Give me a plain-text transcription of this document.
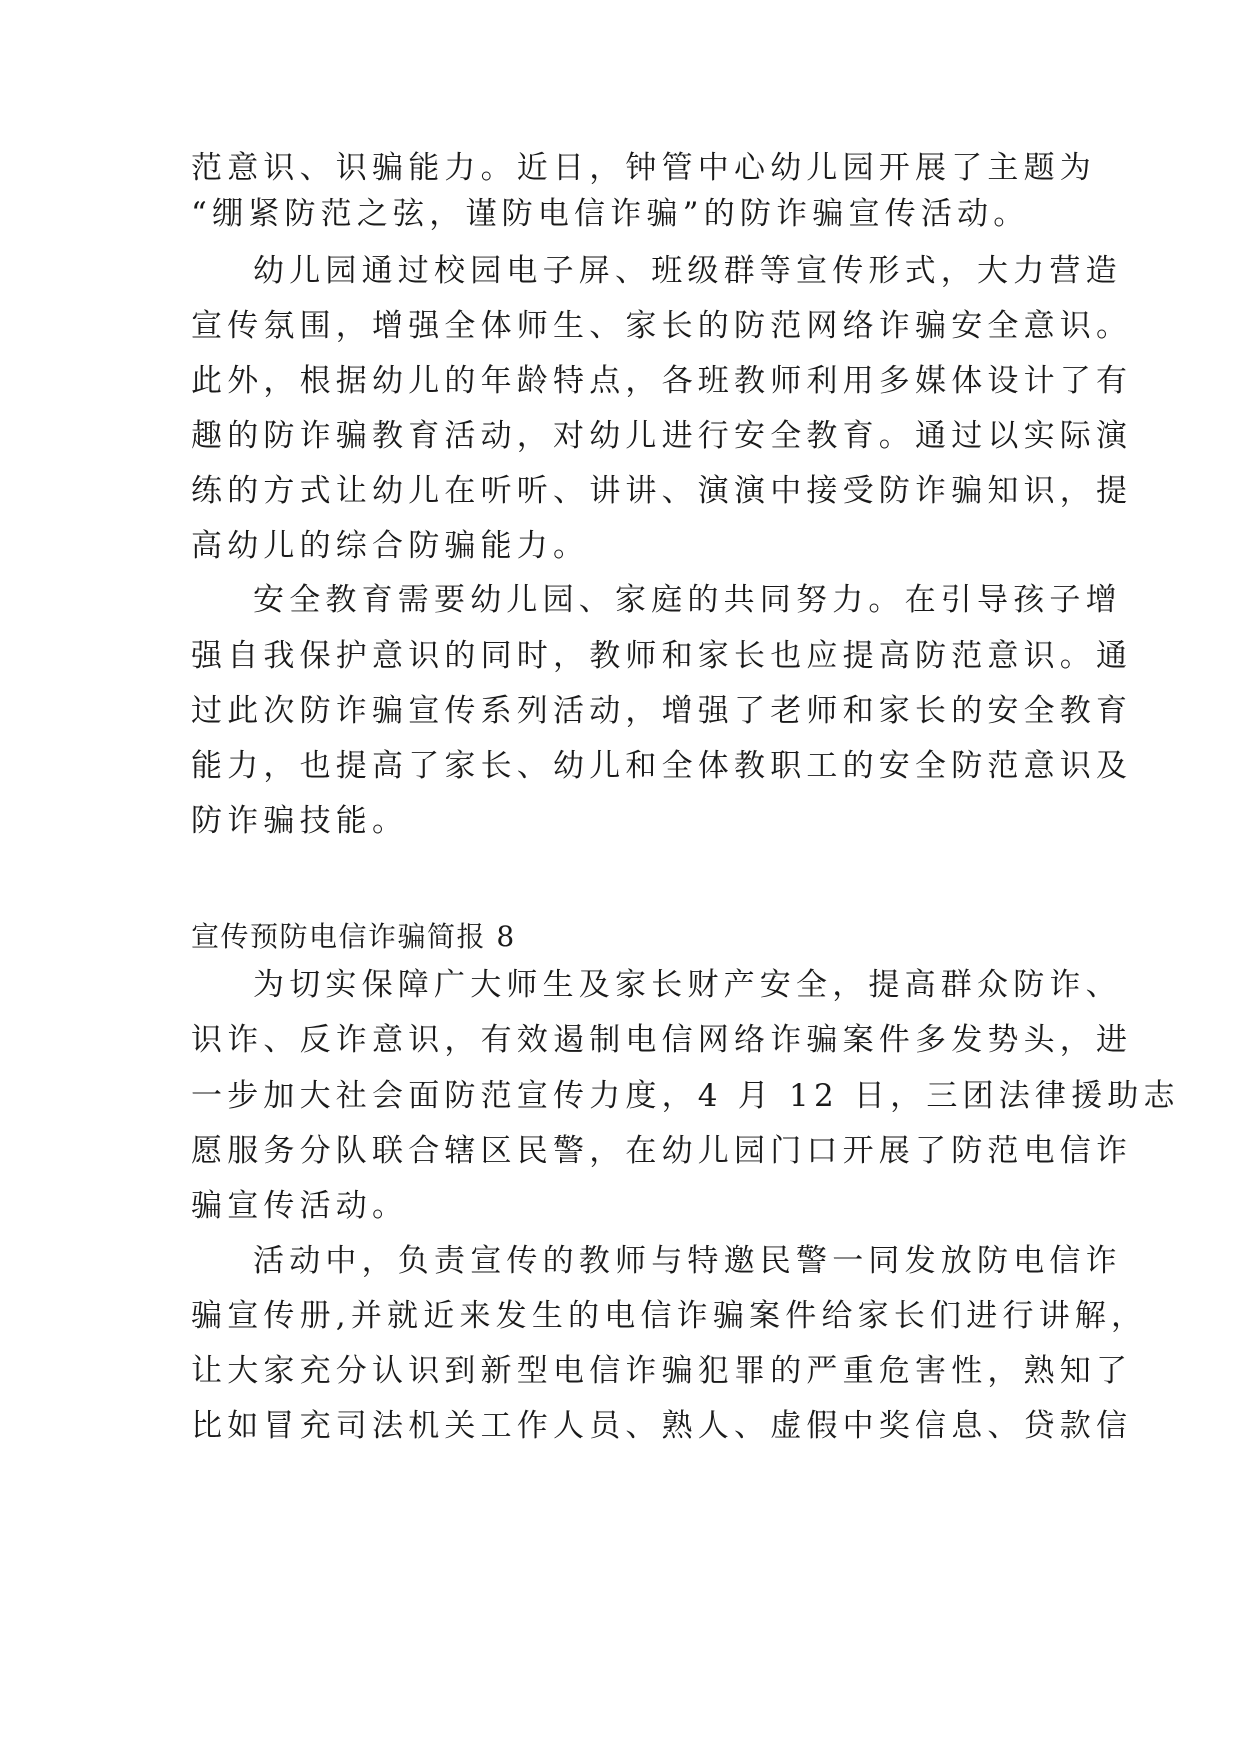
范意识、识骗能力。近日，钟管中心幼儿园开展了主题为
“绷紧防范之弦，谨防电信诈骗”的防诈骗宣传活动。
幼儿园通过校园电子屏、班级群等宣传形式，大力营造
宣传氛围，增强全体师生、家长的防范网络诈骗安全意识。
此外，根据幼儿的年龄特点，各班教师利用多媒体设计了有
趣的防诈骗教育活动，对幼儿进行安全教育。通过以实际演
练的方式让幼儿在听听、讲讲、演演中接受防诈骗知识，提
高幼儿的综合防骗能力。
安全教育需要幼儿园、家庭的共同努力。在引导孩子增
强自我保护意识的同时，教师和家长也应提高防范意识。通
过此次防诈骗宣传系列活动，增强了老师和家长的安全教育
能力，也提高了家长、幼儿和全体教职工的安全防范意识及
防诈骗技能。
宣传预防电信诈骗简报 8
为切实保障广大师生及家长财产安全，提高群众防诈、
识诈、反诈意识，有效遏制电信网络诈骗案件多发势头，进
一步加大社会面防范宣传力度，4 月 12 日，三团法律援助志
愿服务分队联合辖区民警，在幼儿园门口开展了防范电信诈
骗宣传活动。
活动中，负责宣传的教师与特邀民警一同发放防电信诈
骗宣传册,并就近来发生的电信诈骗案件给家长们进行讲解，
让大家充分认识到新型电信诈骗犯罪的严重危害性，熟知了
比如冒充司法机关工作人员、熟人、虚假中奖信息、贷款信
